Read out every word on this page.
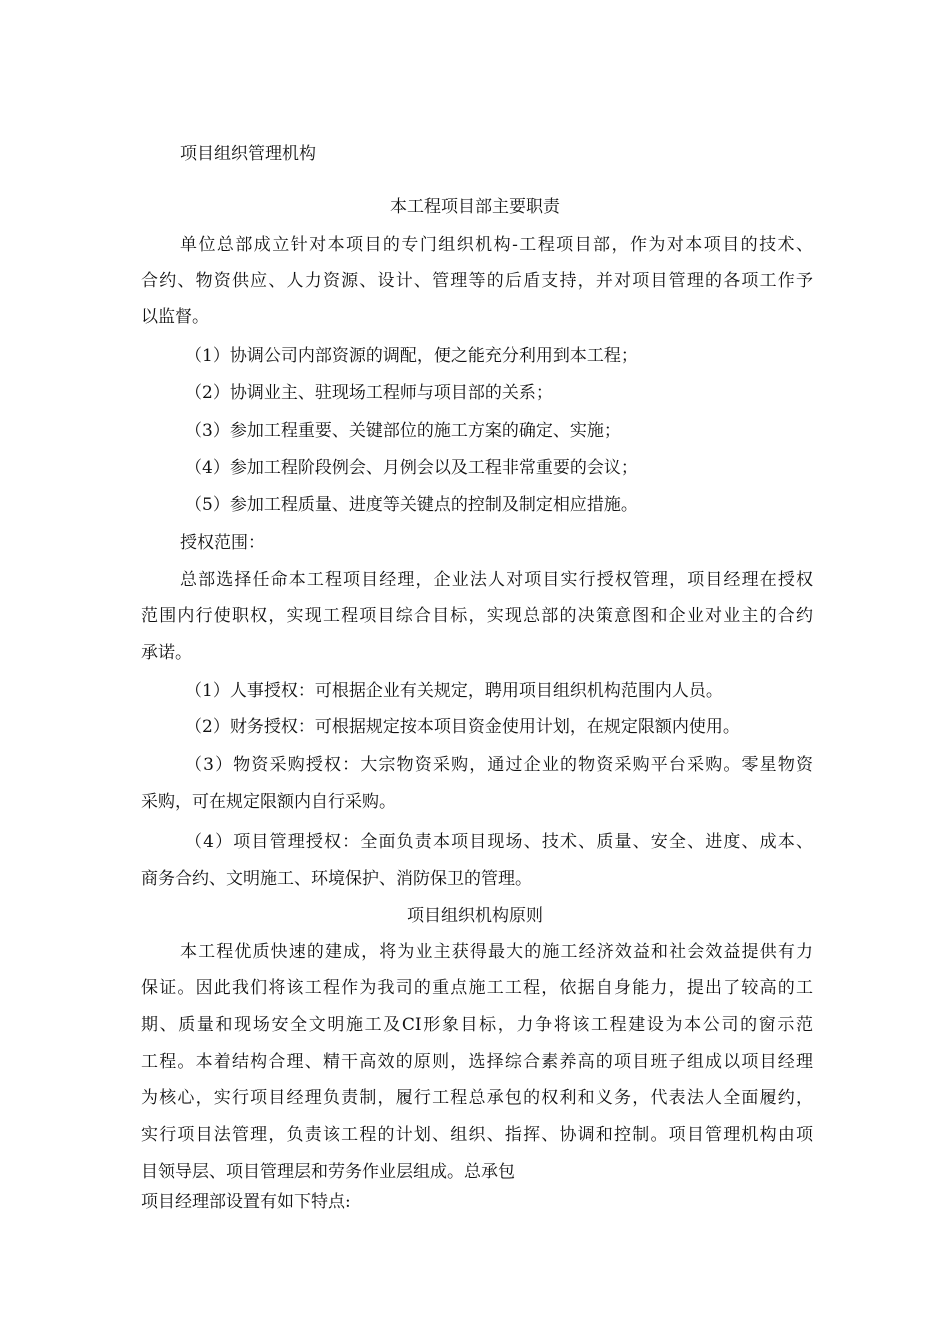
项目组织管理机构
本工程项目部主要职责
单位总部成立针对本项目的专门组织机构-工程项目部，作为对本项目的技术、
合约、物资供应、人力资源、设计、管理等的后盾支持，并对项目管理的各项工作予
以监督。
（1）协调公司内部资源的调配，便之能充分利用到本工程；
（2）协调业主、驻现场工程师与项目部的关系；
（3）参加工程重要、关键部位的施工方案的确定、实施；
（4）参加工程阶段例会、月例会以及工程非常重要的会议；
（5）参加工程质量、进度等关键点的控制及制定相应措施。
授权范围：
总部选择任命本工程项目经理，企业法人对项目实行授权管理，项目经理在授权
范围内行使职权，实现工程项目综合目标，实现总部的决策意图和企业对业主的合约
承诺。
（1）人事授权：可根据企业有关规定，聘用项目组织机构范围内人员。
（2）财务授权：可根据规定按本项目资金使用计划，在规定限额内使用。
（3）物资采购授权：大宗物资采购，通过企业的物资采购平台采购。零星物资
采购，可在规定限额内自行采购。
（4）项目管理授权：全面负责本项目现场、技术、质量、安全、进度、成本、
商务合约、文明施工、环境保护、消防保卫的管理。
项目组织机构原则
本工程优质快速的建成，将为业主获得最大的施工经济效益和社会效益提供有力
保证。因此我们将该工程作为我司的重点施工工程，依据自身能力，提出了较高的工
期、质量和现场安全文明施工及CI形象目标，力争将该工程建设为本公司的窗示范
工程。本着结构合理、精干高效的原则，选择综合素养高的项目班子组成以项目经理
为核心，实行项目经理负责制，履行工程总承包的权利和义务，代表法人全面履约，
实行项目法管理，负责该工程的计划、组织、指挥、协调和控制。项目管理机构由项
目领导层、项目管理层和劳务作业层组成。总承包
项目经理部设置有如下特点:
